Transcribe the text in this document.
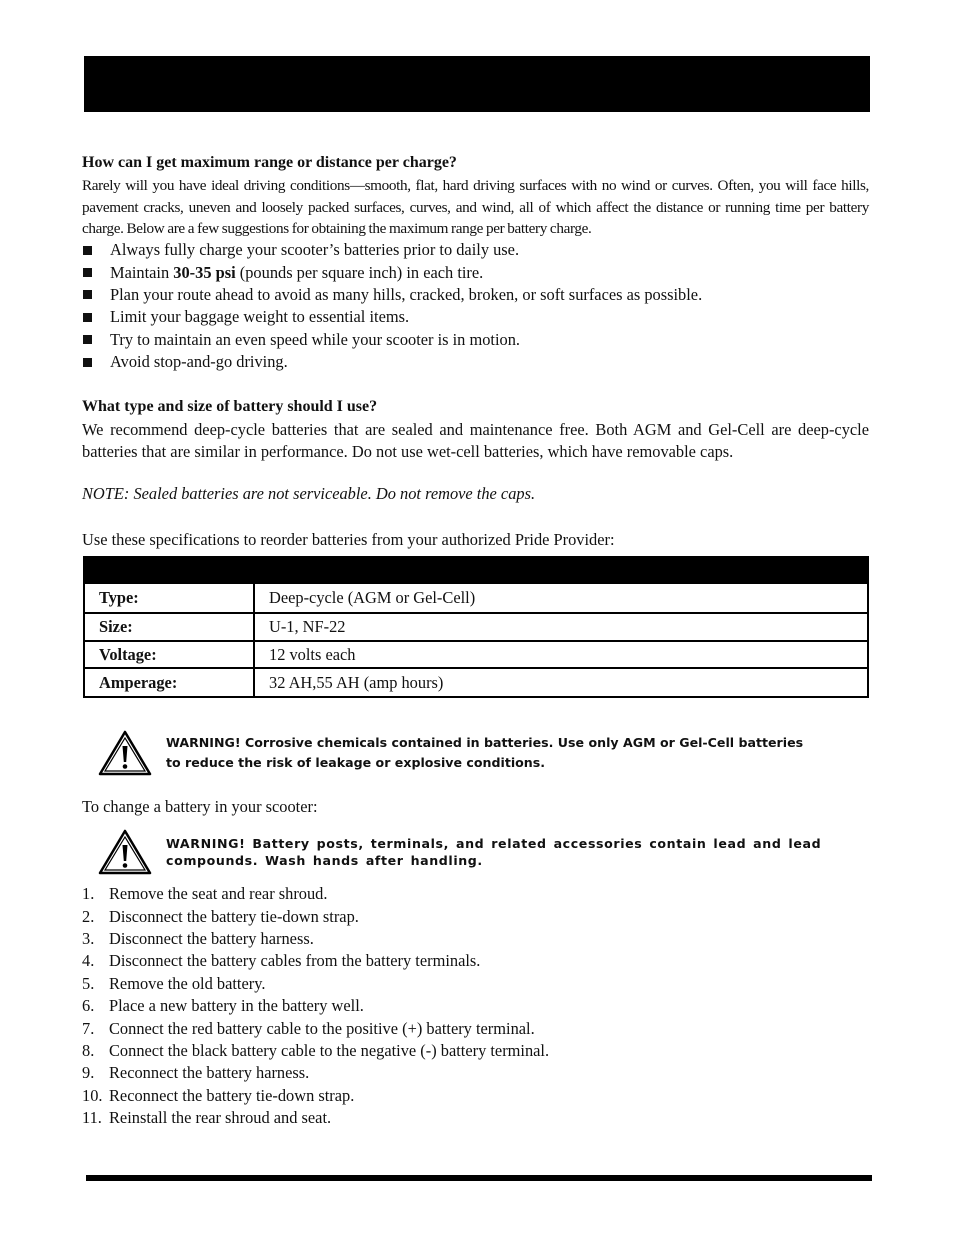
How can I get maximum range or distance per charge?

Rarely will you have ideal driving conditions—smooth, flat, hard driving surfaces with no wind or curves. Often, you will face hills, pavement cracks, uneven and loosely packed surfaces, curves, and wind, all of which affect the distance or running time per battery charge. Below are a few suggestions for obtaining the maximum range per battery charge.

Always fully charge your scooter’s batteries prior to daily use.
Maintain 30-35 psi (pounds per square inch) in each tire.
Plan your route ahead to avoid as many hills, cracked, broken, or soft surfaces as possible.
Limit your baggage weight to essential items.
Try to maintain an even speed while your scooter is in motion.
Avoid stop-and-go driving.
What type and size of battery should I use?

We recommend deep-cycle batteries that are sealed and maintenance free. Both AGM and Gel-Cell are deep-cycle batteries that are similar in performance. Do not use wet-cell batteries, which have removable caps.

NOTE: Sealed batteries are not serviceable. Do not remove the caps.

Use these specifications to reorder batteries from your authorized Pride Provider:

Type:	Deep-cycle (AGM or Gel-Cell)
Size:	U-1, NF-22
Voltage:	12 volts each
Amperage:	32 AH,55 AH (amp hours)
WARNING! Corrosive chemicals contained in batteries. Use only AGM or Gel-Cell batteries
to reduce the risk of leakage or explosive conditions.

To change a battery in your scooter:

WARNING! Battery posts, terminals, and related accessories contain lead and lead
compounds. Wash hands after handling.
1. Remove the seat and rear shroud.
2. Disconnect the battery tie-down strap.
3. Disconnect the battery harness.
4. Disconnect the battery cables from the battery terminals.
5. Remove the old battery.
6. Place a new battery in the battery well.
7. Connect the red battery cable to the positive (+) battery terminal.
8. Connect the black battery cable to the negative (-) battery terminal.
9. Reconnect the battery harness.
10. Reconnect the battery tie-down strap.
11. Reinstall the rear shroud and seat.
